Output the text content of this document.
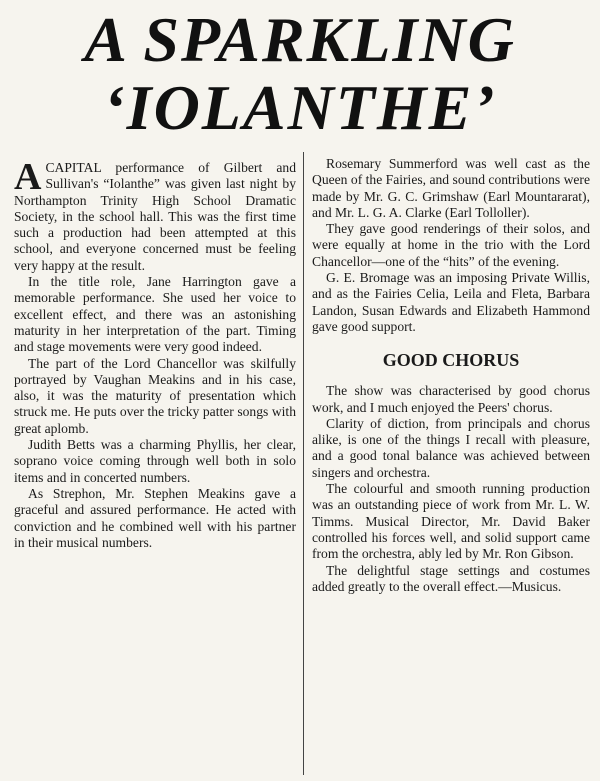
A SPARKLING
‘IOLANTHE’

ACAPITAL performance of Gilbert and Sullivan's “Iolanthe” was given last night by Northampton Trinity High School Dramatic Society, in the school hall. This was the first time such a production had been attempted at this school, and everyone concerned must be feeling very happy at the result.

In the title role, Jane Harrington gave a memorable performance. She used her voice to excellent effect, and there was an astonishing maturity in her interpretation of the part. Timing and stage movements were very good indeed.

The part of the Lord Chancellor was skilfully portrayed by Vaughan Meakins and in his case, also, it was the maturity of presentation which struck me. He puts over the tricky patter songs with great aplomb.

Judith Betts was a charming Phyllis, her clear, soprano voice coming through well both in solo items and in concerted numbers.

As Strephon, Mr. Stephen Meakins gave a graceful and assured performance. He acted with conviction and he combined well with his partner in their musical numbers.

Rosemary Summerford was well cast as the Queen of the Fairies, and sound contributions were made by Mr. G. C. Grimshaw (Earl Mountararat), and Mr. L. G. A. Clarke (Earl Tolloller).

They gave good renderings of their solos, and were equally at home in the trio with the Lord Chancellor—one of the “hits” of the evening.

G. E. Bromage was an imposing Private Willis, and as the Fairies Celia, Leila and Fleta, Barbara Landon, Susan Edwards and Elizabeth Hammond gave good support.

GOOD CHORUS

The show was characterised by good chorus work, and I much enjoyed the Peers' chorus.

Clarity of diction, from principals and chorus alike, is one of the things I recall with pleasure, and a good tonal balance was achieved between singers and orchestra.

The colourful and smooth running production was an outstanding piece of work from Mr. L. W. Timms. Musical Director, Mr. David Baker controlled his forces well, and solid support came from the orchestra, ably led by Mr. Ron Gibson.

The delightful stage settings and costumes added greatly to the overall effect.—Musicus.
